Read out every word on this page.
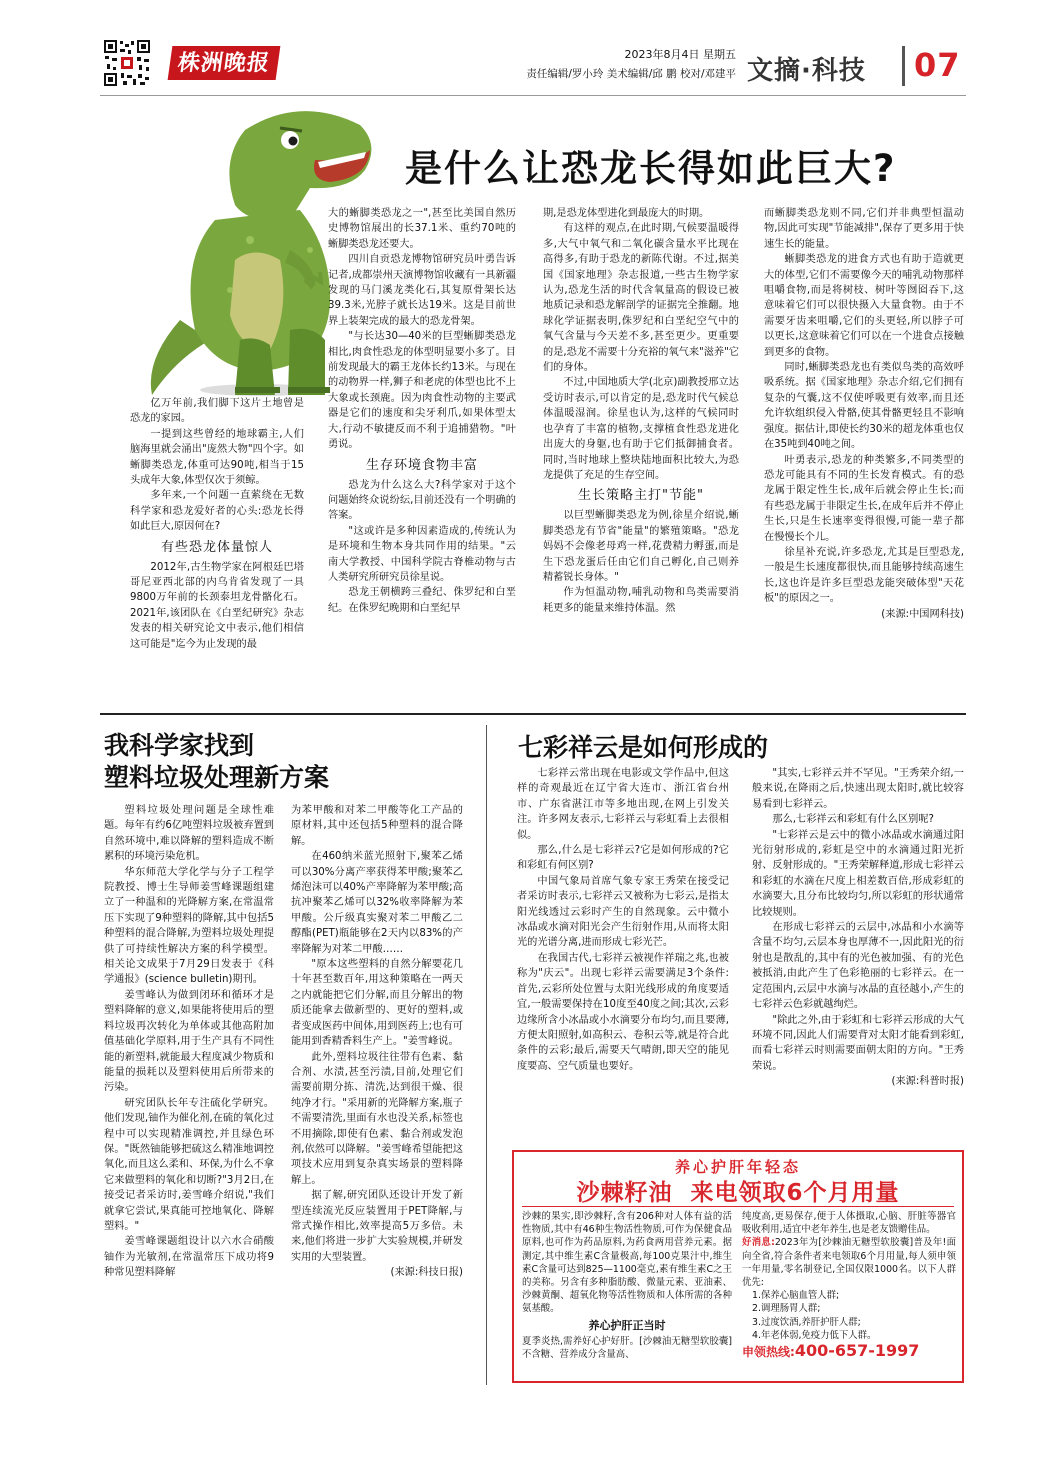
株洲晚报	2023年8月4日 星期五
责任编辑/罗小玲 美术编辑/邱 鹏 校对/邓建平 文摘·科技	07
是什么让恐龙长得如此巨大?

亿万年前,我们脚下这片土地曾是恐龙的家园。

一提到这些曾经的地球霸主,人们脑海里就会涌出"庞然大物"四个字。如蜥脚类恐龙,体重可达90吨,相当于15头成年大象,体型仅次于须鲸。

多年来,一个问题一直萦绕在无数科学家和恐龙爱好者的心头:恐龙长得如此巨大,原因何在?

有些恐龙体量惊人

2012年,古生物学家在阿根廷巴塔哥尼亚西北部的内乌肯省发现了一具9800万年前的长颈泰坦龙骨骼化石。2021年,该团队在《白垩纪研究》杂志发表的相关研究论文中表示,他们相信这可能是"迄今为止发现的最

大的蜥脚类恐龙之一",甚至比美国自然历史博物馆展出的长37.1米、重约70吨的蜥脚类恐龙还要大。

四川自贡恐龙博物馆研究员叶勇告诉记者,成都崇州天演博物馆收藏有一具新疆发现的马门溪龙类化石,其复原骨架长达39.3米,光脖子就长达19米。这是目前世界上装架完成的最大的恐龙骨架。

"与长达30—40米的巨型蜥脚类恐龙相比,肉食性恐龙的体型明显要小多了。目前发现最大的霸王龙体长约13米。与现在的动物界一样,狮子和老虎的体型也比不上大象或长颈鹿。因为肉食性动物的主要武器是它们的速度和尖牙利爪,如果体型太大,行动不敏捷反而不利于追捕猎物。"叶勇说。

生存环境食物丰富

恐龙为什么这么大?科学家对于这个问题始终众说纷纭,目前还没有一个明确的答案。

"这或许是多种因素造成的,传统认为是环境和生物本身共同作用的结果。"云南大学教授、中国科学院古脊椎动物与古人类研究所研究员徐星说。

恐龙王朝横跨三叠纪、侏罗纪和白垩纪。在侏罗纪晚期和白垩纪早

期,是恐龙体型进化到最庞大的时期。

有这样的观点,在此时期,气候要温暖得多,大气中氧气和二氧化碳含量水平比现在高得多,有助于恐龙的新陈代谢。不过,据美国《国家地理》杂志报道,一些古生物学家认为,恐龙生活的时代含氧量高的假设已被地质记录和恐龙解剖学的证据完全推翻。地球化学证据表明,侏罗纪和白垩纪空气中的氧气含量与今天差不多,甚至更少。更重要的是,恐龙不需要十分充裕的氧气来"滋养"它们的身体。

不过,中国地质大学(北京)副教授邢立达受访时表示,可以肯定的是,恐龙时代气候总体温暖湿润。徐星也认为,这样的气候同时也孕育了丰富的植物,支撑植食性恐龙进化出庞大的身躯,也有助于它们抵御捕食者。同时,当时地球上整块陆地面积比较大,为恐龙提供了充足的生存空间。

生长策略主打"节能"

以巨型蜥脚类恐龙为例,徐星介绍说,蜥脚类恐龙有节省"能量"的繁殖策略。"恐龙妈妈不会像老母鸡一样,花费精力孵蛋,而是生下恐龙蛋后任由它们自己孵化,自己则养精蓄锐长身体。"

作为恒温动物,哺乳动物和鸟类需要消耗更多的能量来维持体温。然

而蜥脚类恐龙则不同,它们并非典型恒温动物,因此可实现"节能减排",保存了更多用于快速生长的能量。

蜥脚类恐龙的进食方式也有助于造就更大的体型,它们不需要像今天的哺乳动物那样咀嚼食物,而是将树枝、树叶等囫囵吞下,这意味着它们可以很快摄入大量食物。由于不需要牙齿来咀嚼,它们的头更轻,所以脖子可以更长,这意味着它们可以在一个进食点接触到更多的食物。

同时,蜥脚类恐龙也有类似鸟类的高效呼吸系统。据《国家地理》杂志介绍,它们拥有复杂的气囊,这不仅使呼吸更有效率,而且还允许软组织侵入骨骼,使其骨骼更轻且不影响强度。据估计,即使长约30米的超龙体重也仅在35吨到40吨之间。

叶勇表示,恐龙的种类繁多,不同类型的恐龙可能具有不同的生长发育模式。有的恐龙属于限定性生长,成年后就会停止生长;而有些恐龙属于非限定生长,在成年后并不停止生长,只是生长速率变得很慢,可能一辈子都在慢慢长个儿。

徐星补充说,许多恐龙,尤其是巨型恐龙,一般是生长速度都很快,而且能够持续高速生长,这也许是许多巨型恐龙能突破体型"天花板"的原因之一。

(来源:中国网科技)

我科学家找到
塑料垃圾处理新方案

塑料垃圾处理问题是全球性难题。每年有约6亿吨塑料垃圾被弃置到自然环境中,难以降解的塑料造成不断累积的环境污染危机。

华东师范大学化学与分子工程学院教授、博士生导师姜雪峰课题组建立了一种温和的光降解方案,在常温常压下实现了9种塑料的降解,其中包括5种塑料的混合降解,为塑料垃圾处理提供了可持续性解决方案的科学模型。相关论文成果于7月29日发表于《科学通报》(science bulletin)期刊。

姜雪峰认为做到闭环和循环才是塑料降解的意义,如果能将使用后的塑料垃圾再次转化为单体或其他高附加值基础化学原料,用于生产具有不同性能的新塑料,就能最大程度减少物质和能量的损耗以及塑料使用后所带来的污染。

研究团队长年专注硫化学研究。他们发现,铀作为催化剂,在硫的氧化过程中可以实现精准调控,并且绿色环保。"既然铀能够把硫这么精准地调控氧化,而且这么柔和、环保,为什么不拿它来做塑料的氧化和切断?"3月2日,在接受记者采访时,姜雪峰介绍说,"我们就拿它尝试,果真能可控地氧化、降解塑料。"

姜雪峰课题组设计以六水合硝酸铀作为光敏剂,在常温常压下成功将9种常见塑料降解

为苯甲酸和对苯二甲酸等化工产品的原材料,其中还包括5种塑料的混合降解。

在460纳米蓝光照射下,聚苯乙烯可以30%分离产率获得苯甲酸;聚苯乙烯泡沫可以40%产率降解为苯甲酸;高抗冲聚苯乙烯可以32%收率降解为苯甲酸。公斤级真实聚对苯二甲酸乙二醇酯(PET)瓶能够在2天内以83%的产率降解为对苯二甲酸……

"原本这些塑料的自然分解要花几十年甚至数百年,用这种策略在一两天之内就能把它们分解,而且分解出的物质还能拿去做新型的、更好的塑料,或者变成医药中间体,用到医药上;也有可能用到香精香料生产上。"姜雪峰说。

此外,塑料垃圾往往带有色素、黏合剂、水渍,甚至污渍,目前,处理它们需要前期分拣、清洗,达到很干燥、很纯净才行。"采用新的光降解方案,瓶子不需要清洗,里面有水也没关系,标签也不用摘除,即使有色素、黏合剂或发泡剂,依然可以降解。"姜雪峰希望能把这项技术应用到复杂真实场景的塑料降解上。

据了解,研究团队还设计开发了新型连续流光反应装置用于PET降解,与常式操作相比,效率提高5万多倍。未来,他们将进一步扩大实验规模,并研发实用的大型装置。

(来源:科技日报)

七彩祥云是如何形成的

七彩祥云常出现在电影或文学作品中,但这样的奇观最近在辽宁省大连市、浙江省台州市、广东省湛江市等多地出现,在网上引发关注。许多网友表示,七彩祥云与彩虹看上去很相似。

那么,什么是七彩祥云?它是如何形成的?它和彩虹有何区别?

中国气象局首席气象专家王秀荣在接受记者采访时表示,七彩祥云又被称为七彩云,是指太阳光线透过云彩时产生的自然现象。云中微小冰晶或水滴对阳光会产生衍射作用,从而将太阳光的光谱分离,进而形成七彩光芒。

在我国古代,七彩祥云被视作祥瑞之兆,也被称为"庆云"。出现七彩祥云需要满足3个条件:首先,云彩所处位置与太阳光线形成的角度要适宜,一般需要保持在10度至40度之间;其次,云彩边缘所含小冰晶或小水滴要分布均匀,而且要薄,方便太阳照射,如高积云、卷积云等,就是符合此条件的云彩;最后,需要天气晴朗,即天空的能见度要高、空气质量也要好。

"其实,七彩祥云并不罕见。"王秀荣介绍,一般来说,在降雨之后,快速出现太阳时,就比较容易看到七彩祥云。

那么,七彩祥云和彩虹有什么区别呢?

"七彩祥云是云中的微小冰晶或水滴通过阳光衍射形成的,彩虹是空中的水滴通过阳光折射、反射形成的。"王秀荣解释道,形成七彩祥云和彩虹的水滴在尺度上相差数百倍,形成彩虹的水滴要大,且分布比较均匀,所以彩虹的形状通常比较规则。

在形成七彩祥云的云层中,冰晶和小水滴等含量不均匀,云层本身也厚薄不一,因此阳光的衍射也是散乱的,其中有的光色被加强、有的光色被抵消,由此产生了色彩艳丽的七彩祥云。在一定范围内,云层中水滴与冰晶的直径越小,产生的七彩祥云色彩就越绚烂。

"除此之外,由于彩虹和七彩祥云形成的大气环境不同,因此人们需要背对太阳才能看到彩虹,而看七彩祥云时则需要面朝太阳的方向。"王秀荣说。

(来源:科普时报)

养心护肝年轻态
沙棘籽油  来电领取6个月用量
沙棘的果实,即沙棘籽,含有206种对人体有益的活性物质,其中有46种生物活性物质,可作为保健食品原料,也可作为药品原料,为药食两用营养元素。据测定,其中维生素C含量极高,每100克果汁中,维生素C含量可达到825—1100毫克,素有维生素C之王的美称。另含有多种脂肪酸、微量元素、亚油素、沙棘黄酮、超氧化物等活性物质和人体所需的各种氨基酸。
养心护肝正当时
夏季炎热,需养好心护好肝。[沙棘油无糖型软胶囊]不含糖、营养成分含量高、
纯度高,更易保存,便于人体摄取,心脑、肝脏等器官吸收利用,适宜中老年养生,也是老友馈赠佳品。
好消息:2023年为[沙棘油无糖型软胶囊]普及年!面向全省,符合条件者来电领取6个月用量,每人须申领一年用量,零名制登记,全国仅限1000名。以下人群优先:
1.保养心脑血管人群;
2.调理肠胃人群;
3.过度饮酒,养肝护肝人群;
4.年老体弱,免疫力低下人群。
申领热线:400-657-1997
